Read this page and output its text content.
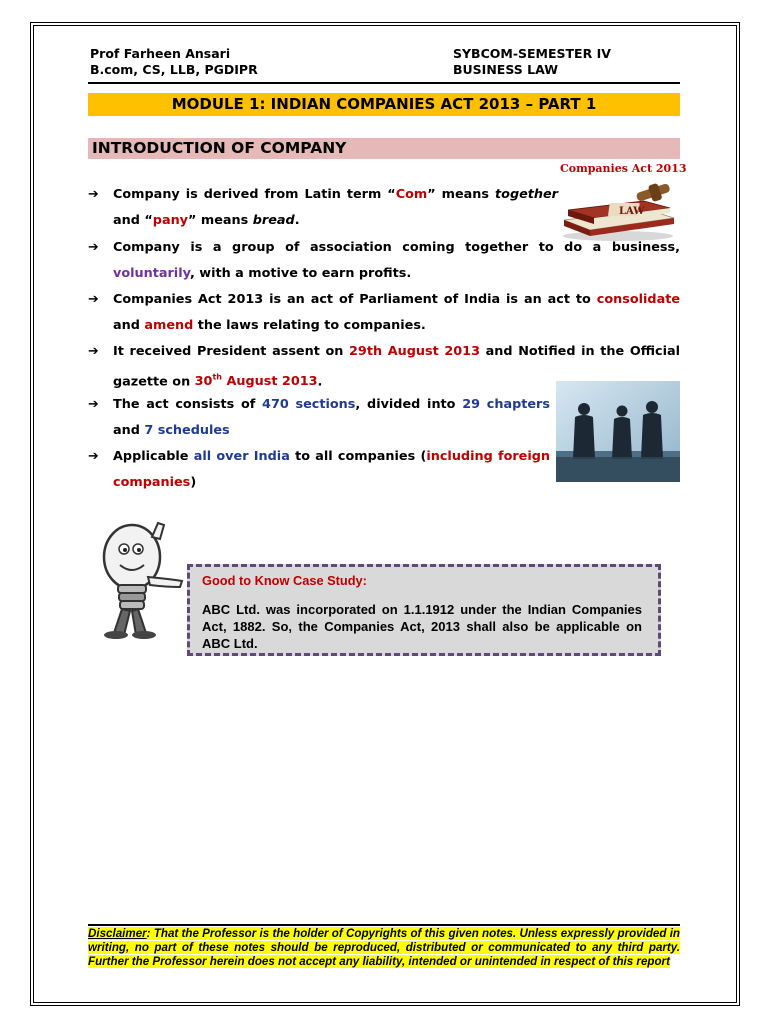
Prof Farheen Ansari
B.com, CS, LLB, PGDIPR
SYBCOM-SEMESTER IV
BUSINESS LAW
MODULE 1: INDIAN COMPANIES ACT 2013 – PART 1
INTRODUCTION OF COMPANY
Companies Act 2013
LAW
➔	Company is derived from Latin term “Com” means together and “pany” means bread.
➔	Company is a group of association coming together to do a business, voluntarily, with a motive to earn profits.
➔	Companies Act 2013 is an act of Parliament of India is an act to consolidate and amend the laws relating to companies.
➔	It received President assent on 29th August 2013 and Notified in the Official gazette on 30th August 2013.
➔	The act consists of 470 sections, divided into 29 chapters and 7 schedules
➔	Applicable all over India to all companies (including foreign companies)
Good to Know Case Study:
ABC Ltd. was incorporated on 1.1.1912 under the Indian Companies Act, 1882. So, the Companies Act, 2013 shall also be applicable on ABC Ltd.
Disclaimer: That the Professor is the holder of Copyrights of this given notes. Unless expressly provided in writing, no part of these notes should be reproduced, distributed or communicated to any third party. Further the Professor herein does not accept any liability, intended or unintended in respect of this report
